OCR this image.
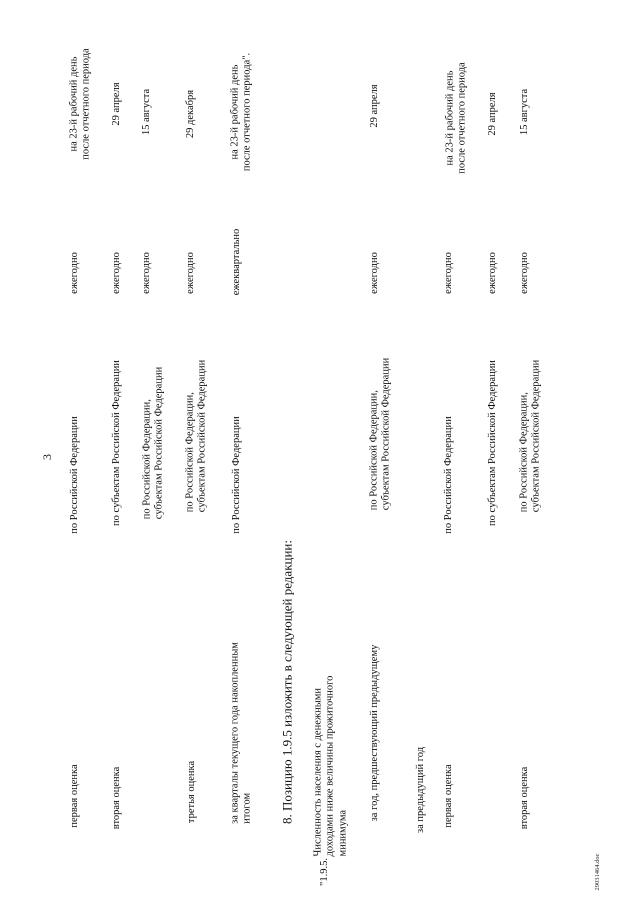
3
первая оценка
по Российской Федерации
ежегодно
на 23-й рабочий день
после отчетного периода
вторая оценка
по субъектам Российской Федерации
ежегодно
29 апреля
по Российской Федерации,
субъектам Российской Федерации
ежегодно
15 августа
третья оценка
по Российской Федерации,
субъектам Российской Федерации
ежегодно
29 декабря
за кварталы текущего года накопленным
итогом
по Российской Федерации
ежеквартально
на 23-й рабочий день
после отчетного периода".
8. Позицию 1.9.5 изложить в следующей редакции:
"1.9.5.
Численность населения с денежными
доходами ниже величины прожиточного
минимума
за год, предшествующий предыдущему
по Российской Федерации,
субъектам Российской Федерации
ежегодно
29 апреля
за предыдущий год первая оценка
по Российской Федерации
ежегодно
на 23-й рабочий день
после отчетного периода
по субъектам Российской Федерации
ежегодно
29 апреля
вторая оценка
по Российской Федерации,
субъектам Российской Федерации
ежегодно
15 августа
29031464.doc
